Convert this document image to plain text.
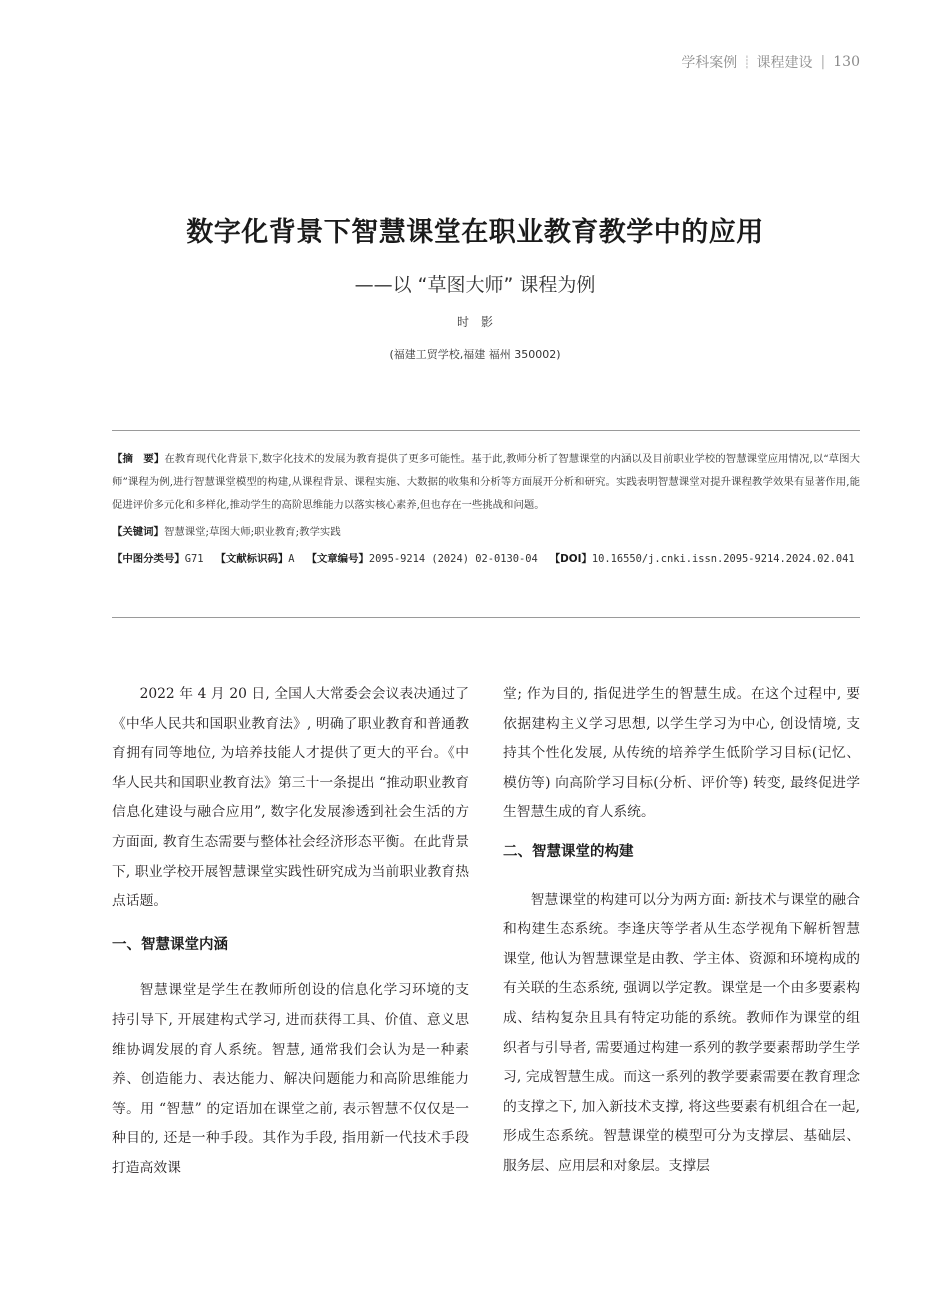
学科案例 ┊ 课程建设 | 130
数字化背景下智慧课堂在职业教育教学中的应用
——以 “草图大师” 课程为例
时影
(福建工贸学校,福建 福州 350002)

【摘　要】在教育现代化背景下,数字化技术的发展为教育提供了更多可能性。基于此,教师分析了智慧课堂的内涵以及目前职业学校的智慧课堂应用情况,以“草图大师”课程为例,进行智慧课堂模型的构建,从课程背景、课程实施、大数据的收集和分析等方面展开分析和研究。实践表明智慧课堂对提升课程教学效果有显著作用,能促进评价多元化和多样化,推动学生的高阶思维能力以落实核心素养,但也存在一些挑战和问题。

【关键词】智慧课堂;草图大师;职业教育;教学实践

【中图分类号】G71 【文献标识码】A 【文章编号】2095-9214 (2024) 02-0130-04 【DOI】10.16550/j.cnki.issn.2095-9214.2024.02.041

2022 年 4 月 20 日, 全国人大常委会会议表决通过了《中华人民共和国职业教育法》, 明确了职业教育和普通教育拥有同等地位, 为培养技能人才提供了更大的平台。《中华人民共和国职业教育法》第三十一条提出 “推动职业教育信息化建设与融合应用”, 数字化发展渗透到社会生活的方方面面, 教育生态需要与整体社会经济形态平衡。在此背景下, 职业学校开展智慧课堂实践性研究成为当前职业教育热点话题。

一、智慧课堂内涵

智慧课堂是学生在教师所创设的信息化学习环境的支持引导下, 开展建构式学习, 进而获得工具、价值、意义思维协调发展的育人系统。智慧, 通常我们会认为是一种素养、创造能力、表达能力、解决问题能力和高阶思维能力等。用 “智慧” 的定语加在课堂之前, 表示智慧不仅仅是一种目的, 还是一种手段。其作为手段, 指用新一代技术手段打造高效课

堂; 作为目的, 指促进学生的智慧生成。在这个过程中, 要依据建构主义学习思想, 以学生学习为中心, 创设情境, 支持其个性化发展, 从传统的培养学生低阶学习目标(记忆、模仿等) 向高阶学习目标(分析、评价等) 转变, 最终促进学生智慧生成的育人系统。

二、智慧课堂的构建

智慧课堂的构建可以分为两方面: 新技术与课堂的融合和构建生态系统。李逢庆等学者从生态学视角下解析智慧课堂, 他认为智慧课堂是由教、学主体、资源和环境构成的有关联的生态系统, 强调以学定教。课堂是一个由多要素构成、结构复杂且具有特定功能的系统。教师作为课堂的组织者与引导者, 需要通过构建一系列的教学要素帮助学生学习, 完成智慧生成。而这一系列的教学要素需要在教育理念的支撑之下, 加入新技术支撑, 将这些要素有机组合在一起, 形成生态系统。智慧课堂的模型可分为支撑层、基础层、服务层、应用层和对象层。支撑层
